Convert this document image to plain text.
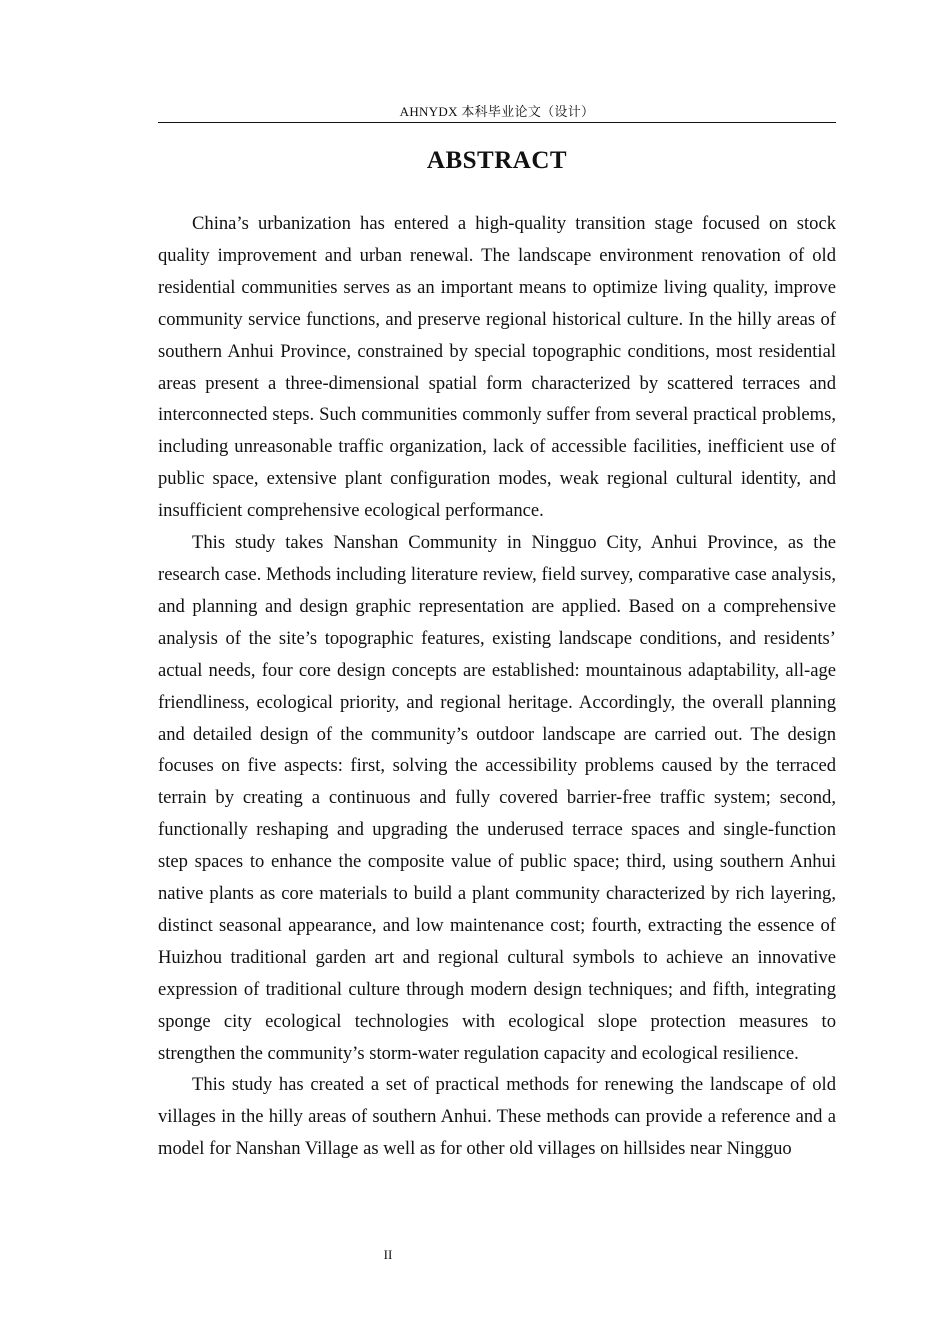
AHNYDX 本科毕业论文（设计）
ABSTRACT

China’s urbanization has entered a high-quality transition stage focused on stock quality improvement and urban renewal. The landscape environment renovation of old residential communities serves as an important means to optimize living quality, improve community service functions, and preserve regional historical culture. In the hilly areas of southern Anhui Province, constrained by special topographic conditions, most residential areas present a three-dimensional spatial form characterized by scattered terraces and interconnected steps. Such communities commonly suffer from several practical problems, including unreasonable traffic organization, lack of accessible facilities, inefficient use of public space, extensive plant configuration modes, weak regional cultural identity, and insufficient comprehensive ecological performance.

This study takes Nanshan Community in Ningguo City, Anhui Province, as the research case. Methods including literature review, field survey, comparative case analysis, and planning and design graphic representation are applied. Based on a comprehensive analysis of the site’s topographic features, existing landscape conditions, and residents’ actual needs, four core design concepts are established: mountainous adaptability, all-age friendliness, ecological priority, and regional heritage. Accordingly, the overall planning and detailed design of the community’s outdoor landscape are carried out. The design focuses on five aspects: first, solving the accessibility problems caused by the terraced terrain by creating a continuous and fully covered barrier-free traffic system; second, functionally reshaping and upgrading the underused terrace spaces and single-function step spaces to enhance the composite value of public space; third, using southern Anhui native plants as core materials to build a plant community characterized by rich layering, distinct seasonal appearance, and low maintenance cost; fourth, extracting the essence of Huizhou traditional garden art and regional cultural symbols to achieve an innovative expression of traditional culture through modern design techniques; and fifth, integrating sponge city ecological technologies with ecological slope protection measures to strengthen the community’s storm-water regulation capacity and ecological resilience.

This study has created a set of practical methods for renewing the landscape of old villages in the hilly areas of southern Anhui. These methods can provide a reference and a model for Nanshan Village as well as for other old villages on hillsides near Ningguo

II
